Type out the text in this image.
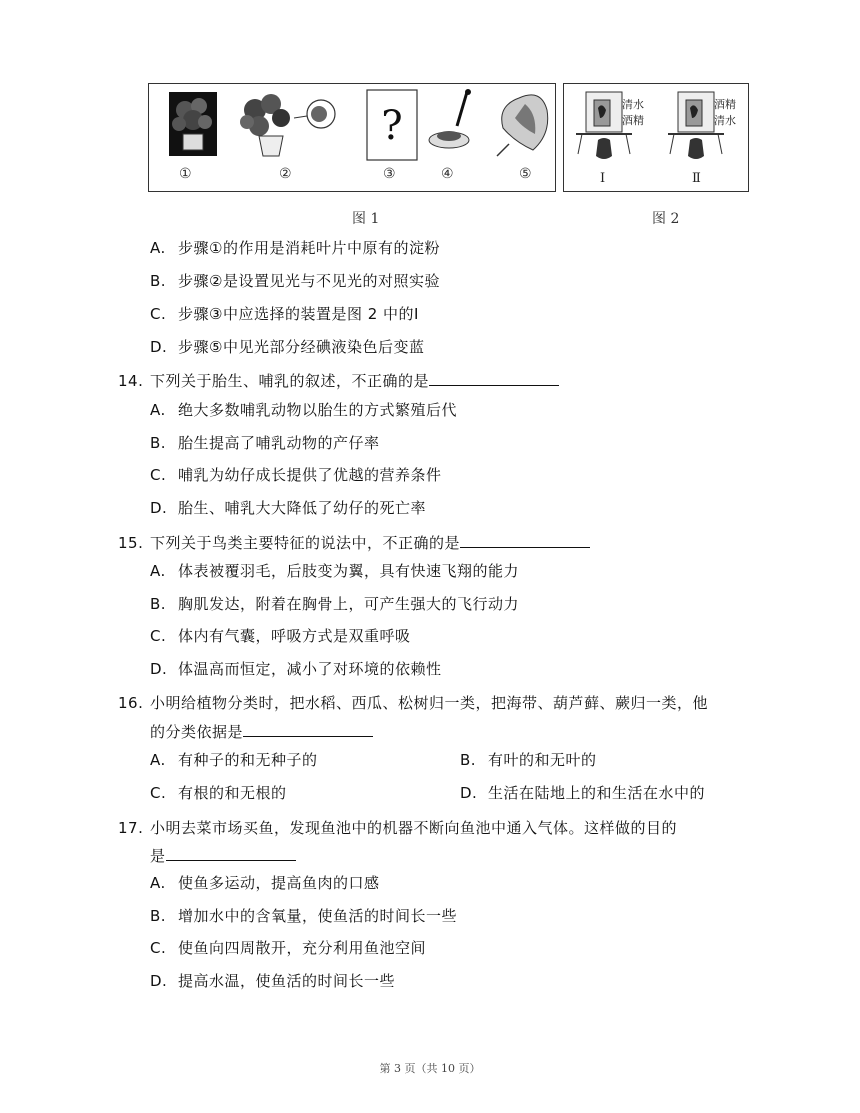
?
①	②	③	④	⑤
图 1
清水
酒精
酒精
清水
Ⅰ	Ⅱ
图 2
A. 步骤①的作用是消耗叶片中原有的淀粉
B. 步骤②是设置见光与不见光的对照实验
C. 步骤③中应选择的装置是图 2 中的Ⅰ
D. 步骤⑤中见光部分经碘液染色后变蓝
14. 下列关于胎生、哺乳的叙述，不正确的是
A. 绝大多数哺乳动物以胎生的方式繁殖后代
B. 胎生提高了哺乳动物的产仔率
C. 哺乳为幼仔成长提供了优越的营养条件
D. 胎生、哺乳大大降低了幼仔的死亡率
15. 下列关于鸟类主要特征的说法中，不正确的是
A. 体表被覆羽毛，后肢变为翼，具有快速飞翔的能力
B. 胸肌发达，附着在胸骨上，可产生强大的飞行动力
C. 体内有气囊，呼吸方式是双重呼吸
D. 体温高而恒定，减小了对环境的依赖性
16. 小明给植物分类时，把水稻、西瓜、松树归一类，把海带、葫芦藓、蕨归一类，他
的分类依据是
A. 有种子的和无种子的	B. 有叶的和无叶的
C. 有根的和无根的	D. 生活在陆地上的和生活在水中的
17. 小明去菜市场买鱼，发现鱼池中的机器不断向鱼池中通入气体。这样做的目的
是
A. 使鱼多运动，提高鱼肉的口感
B. 增加水中的含氧量，使鱼活的时间长一些
C. 使鱼向四周散开，充分利用鱼池空间
D. 提高水温，使鱼活的时间长一些
第 3 页（共 10 页）
